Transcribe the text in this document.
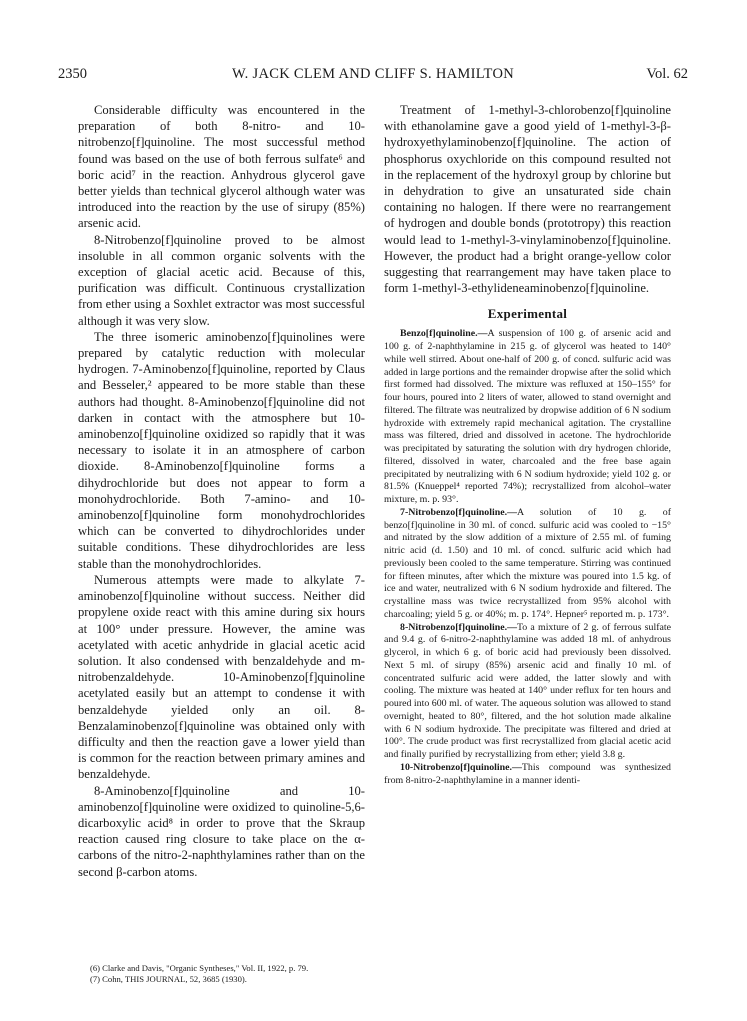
2350	W. JACK CLEM AND CLIFF S. HAMILTON	Vol. 62

Considerable difficulty was encountered in the preparation of both 8-nitro- and 10-nitrobenzo[f]quinoline. The most successful method found was based on the use of both ferrous sulfate⁶ and boric acid⁷ in the reaction. Anhydrous glycerol gave better yields than technical glycerol although water was introduced into the reaction by the use of sirupy (85%) arsenic acid.

8-Nitrobenzo[f]quinoline proved to be almost insoluble in all common organic solvents with the exception of glacial acetic acid. Because of this, purification was difficult. Continuous crystallization from ether using a Soxhlet extractor was most successful although it was very slow.

The three isomeric aminobenzo[f]quinolines were prepared by catalytic reduction with molecular hydrogen. 7-Aminobenzo[f]quinoline, reported by Claus and Besseler,² appeared to be more stable than these authors had thought. 8-Aminobenzo[f]quinoline did not darken in contact with the atmosphere but 10-aminobenzo[f]quinoline oxidized so rapidly that it was necessary to isolate it in an atmosphere of carbon dioxide. 8-Aminobenzo[f]quinoline forms a dihydrochloride but does not appear to form a monohydrochloride. Both 7-amino- and 10-aminobenzo[f]quinoline form monohydrochlorides which can be converted to dihydrochlorides under suitable conditions. These dihydrochlorides are less stable than the monohydrochlorides.

Numerous attempts were made to alkylate 7-aminobenzo[f]quinoline without success. Neither did propylene oxide react with this amine during six hours at 100° under pressure. However, the amine was acetylated with acetic anhydride in glacial acetic acid solution. It also condensed with benzaldehyde and m-nitrobenzaldehyde. 10-Aminobenzo[f]quinoline acetylated easily but an attempt to condense it with benzaldehyde yielded only an oil. 8-Benzalaminobenzo[f]quinoline was obtained only with difficulty and then the reaction gave a lower yield than is common for the reaction between primary amines and benzaldehyde.

8-Aminobenzo[f]quinoline and 10-aminobenzo[f]quinoline were oxidized to quinoline-5,6-dicarboxylic acid⁸ in order to prove that the Skraup reaction caused ring closure to take place on the α-carbons of the nitro-2-naphthylamines rather than on the second β-carbon atoms.

(6) Clarke and Davis, "Organic Syntheses," Vol. II, 1922, p. 79.
(7) Cohn, THIS JOURNAL, 52, 3685 (1930).

Treatment of 1-methyl-3-chlorobenzo[f]quinoline with ethanolamine gave a good yield of 1-methyl-3-β-hydroxyethylaminobenzo[f]quinoline. The action of phosphorus oxychloride on this compound resulted not in the replacement of the hydroxyl group by chlorine but in dehydration to give an unsaturated side chain containing no halogen. If there were no rearrangement of hydrogen and double bonds (prototropy) this reaction would lead to 1-methyl-3-vinylaminobenzo[f]quinoline. However, the product had a bright orange-yellow color suggesting that rearrangement may have taken place to form 1-methyl-3-ethylideneaminobenzo[f]quinoline.

Experimental

Benzo[f]quinoline.—A suspension of 100 g. of arsenic acid and 100 g. of 2-naphthylamine in 215 g. of glycerol was heated to 140° while well stirred. About one-half of 200 g. of concd. sulfuric acid was added in large portions and the remainder dropwise after the solid which first formed had dissolved. The mixture was refluxed at 150–155° for four hours, poured into 2 liters of water, allowed to stand overnight and filtered. The filtrate was neutralized by dropwise addition of 6 N sodium hydroxide with extremely rapid mechanical agitation. The crystalline mass was filtered, dried and dissolved in acetone. The hydrochloride was precipitated by saturating the solution with dry hydrogen chloride, filtered, dissolved in water, charcoaled and the free base again precipitated by neutralizing with 6 N sodium hydroxide; yield 102 g. or 81.5% (Knueppel⁴ reported 74%); recrystallized from alcohol–water mixture, m. p. 93°.

7-Nitrobenzo[f]quinoline.—A solution of 10 g. of benzo[f]quinoline in 30 ml. of concd. sulfuric acid was cooled to −15° and nitrated by the slow addition of a mixture of 2.55 ml. of fuming nitric acid (d. 1.50) and 10 ml. of concd. sulfuric acid which had previously been cooled to the same temperature. Stirring was continued for fifteen minutes, after which the mixture was poured into 1.5 kg. of ice and water, neutralized with 6 N sodium hydroxide and filtered. The crystalline mass was twice recrystallized from 95% alcohol with charcoaling; yield 5 g. or 40%; m. p. 174°. Hepner⁵ reported m. p. 173°.

8-Nitrobenzo[f]quinoline.—To a mixture of 2 g. of ferrous sulfate and 9.4 g. of 6-nitro-2-naphthylamine was added 18 ml. of anhydrous glycerol, in which 6 g. of boric acid had previously been dissolved. Next 5 ml. of sirupy (85%) arsenic acid and finally 10 ml. of concentrated sulfuric acid were added, the latter slowly and with cooling. The mixture was heated at 140° under reflux for ten hours and poured into 600 ml. of water. The aqueous solution was allowed to stand overnight, heated to 80°, filtered, and the hot solution made alkaline with 6 N sodium hydroxide. The precipitate was filtered and dried at 100°. The crude product was first recrystallized from glacial acetic acid and finally purified by recrystallizing from ether; yield 3.8 g.

10-Nitrobenzo[f]quinoline.—This compound was synthesized from 8-nitro-2-naphthylamine in a manner identi-
